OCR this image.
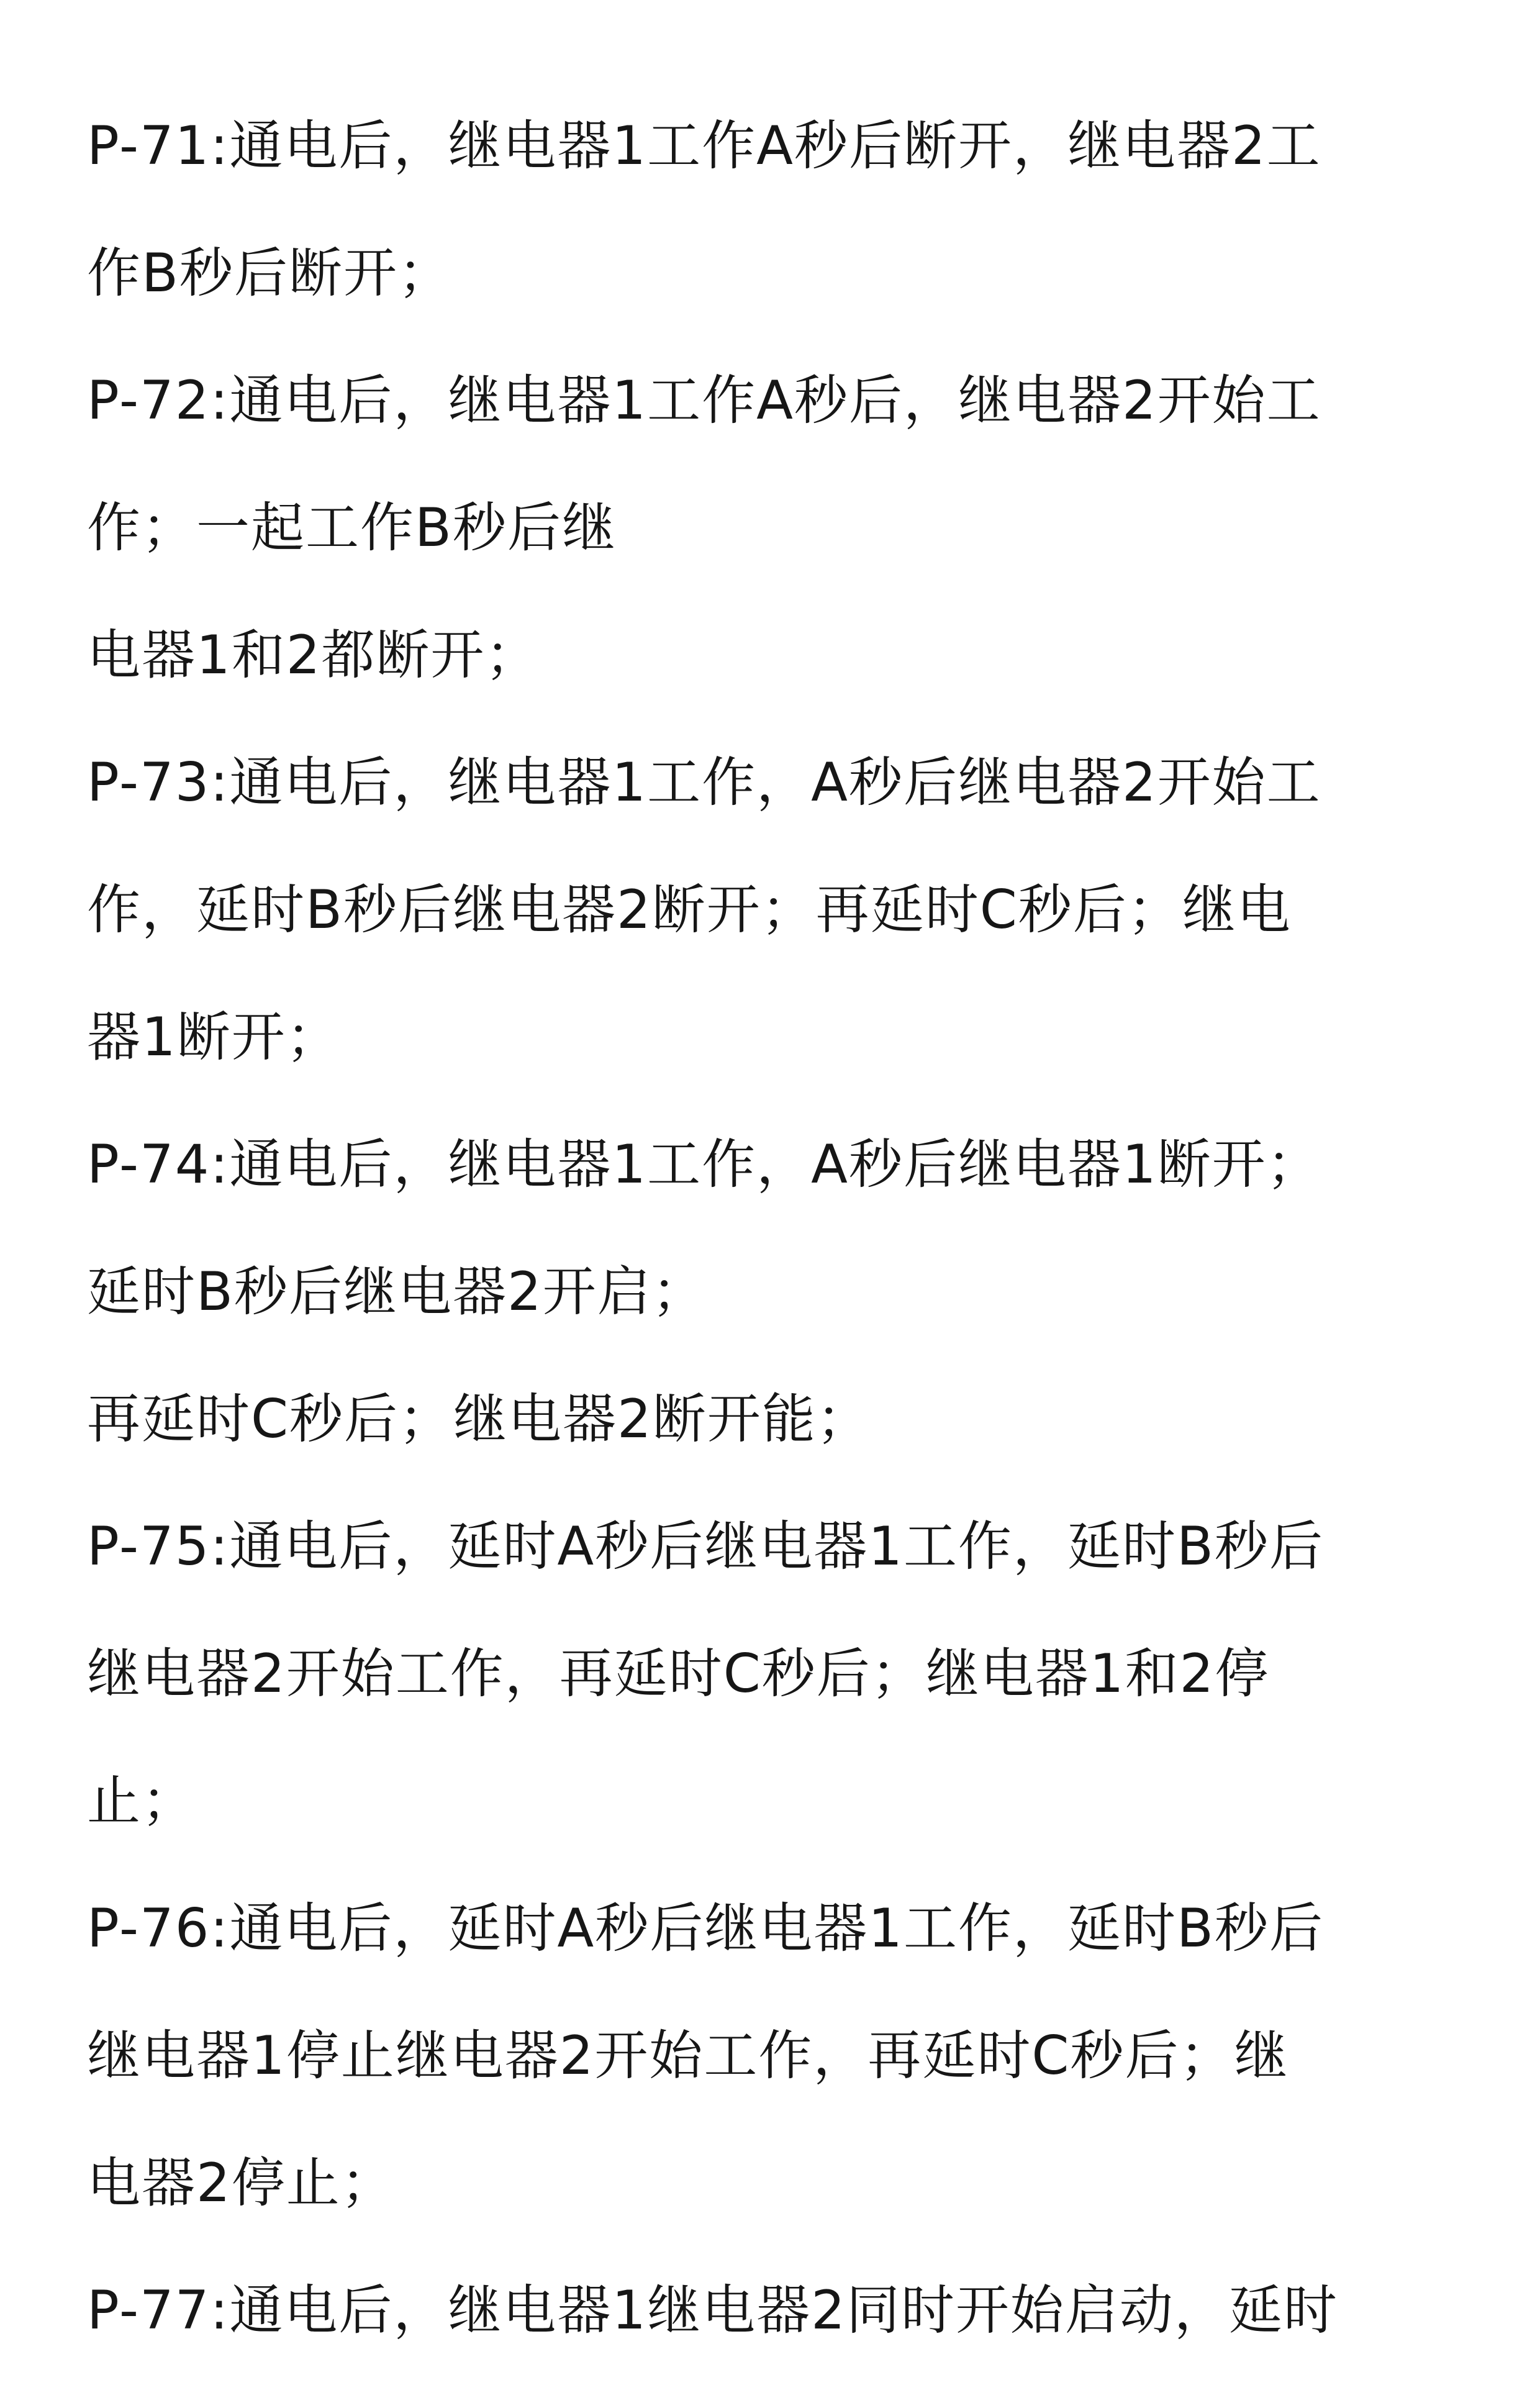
P-71:通电后，继电器1工作A秒后断开，继电器2工
作B秒后断开；
P-72:通电后，继电器1工作A秒后，继电器2开始工
作；一起工作B秒后继
电器1和2都断开；
P-73:通电后，继电器1工作，A秒后继电器2开始工
作，延时B秒后继电器2断开；再延时C秒后；继电
器1断开；
P-74:通电后，继电器1工作，A秒后继电器1断开；
延时B秒后继电器2开启；
再延时C秒后；继电器2断开能；
P-75:通电后，延时A秒后继电器1工作，延时B秒后
继电器2开始工作，再延时C秒后；继电器1和2停
止；
P-76:通电后，延时A秒后继电器1工作，延时B秒后
继电器1停止继电器2开始工作，再延时C秒后；继
电器2停止；
P-77:通电后，继电器1继电器2同时开始启动，延时
